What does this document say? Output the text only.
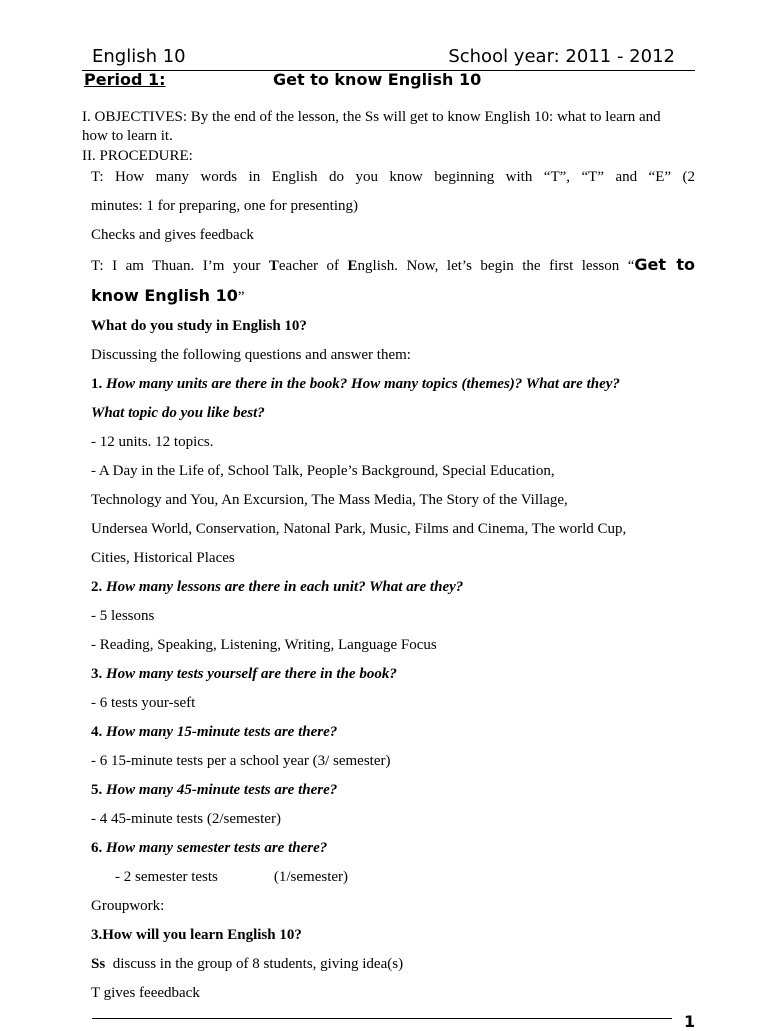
English 10	School year: 2011 - 2012
Period 1:	Get to know English 10
I. OBJECTIVES: By the end of the lesson, the Ss will get to know English 10: what to learn and how to learn it.
II. PROCEDURE:

T: How many words in English do you know beginning with “T”, “T” and “E” (2

minutes: 1 for preparing, one for presenting)

Checks and gives feedback

T: I am Thuan. I’m your Teacher of English. Now, let’s begin the first lesson “Get to

know English 10”

What do you study in English 10?

Discussing the following questions and answer them:

1. How many units are there in the book? How many topics (themes)? What are they?

What topic do you like best?

- 12 units. 12 topics.

- A Day in the Life of, School Talk, People’s Background, Special Education,

Technology and You, An Excursion, The Mass Media, The Story of the Village,

Undersea World, Conservation, Natonal Park, Music, Films and Cinema, The world Cup,

Cities, Historical Places

2. How many lessons are there in each unit? What are they?

- 5 lessons

- Reading, Speaking, Listening, Writing, Language Focus

3. How many tests yourself are there in the book?

- 6 tests your-seft

4. How many 15-minute tests are there?

- 6 15-minute tests per a school year (3/ semester)

5. How many 45-minute tests are there?

- 4 45-minute tests (2/semester)

6. How many semester tests are there?

- 2 semester tests	(1/semester)

Groupwork:

3.How will you learn English 10?

Ss  discuss in the group of 8 students, giving idea(s)

T gives feeedback

1
